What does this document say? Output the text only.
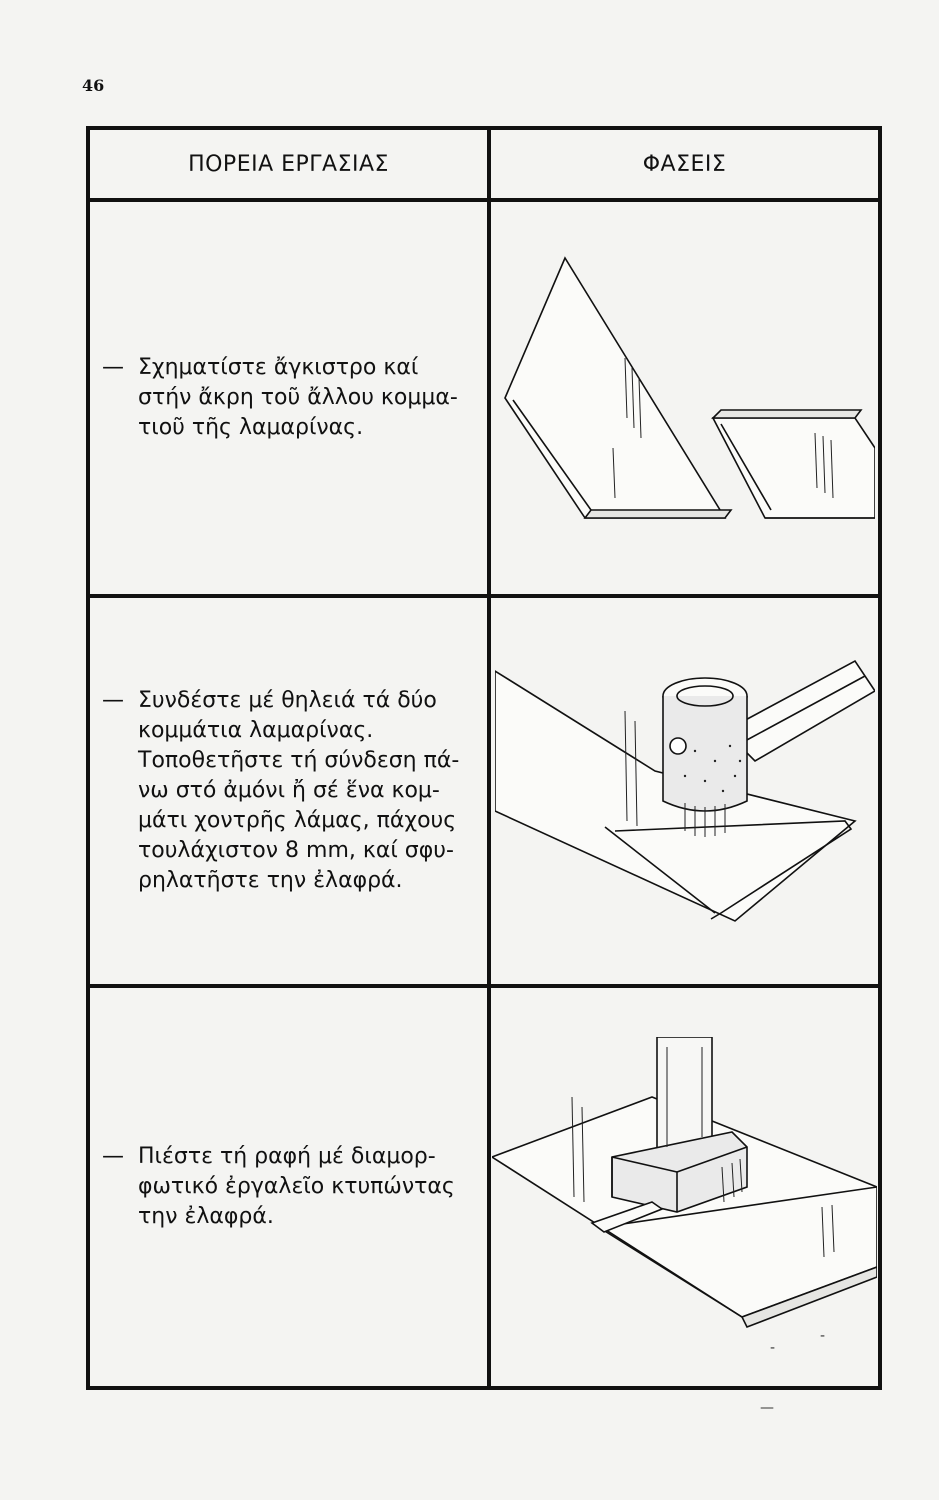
46
ΠΟΡΕΙΑ ΕΡΓΑΣΙΑΣ	ΦΑΣΕΙΣ
— Σχηματίστε ἄγκιστρο καί
στήν ἄκρη τοῦ ἄλλου κομμα-
τιοῦ τῆς λαμαρίνας.
— Συνδέστε μέ θηλειά τά δύο
κομμάτια λαμαρίνας.
Τοποθετῆστε τή σύνδεση πά-
νω στό ἀμόνι ἤ σέ ἕνα κομ-
μάτι χοντρῆς λάμας, πάχους
τουλάχιστον 8 mm, καί σφυ-
ρηλατῆστε την ἐλαφρά.
— Πιέστε τή ραφή μέ διαμορ-
φωτικό ἐργαλεῖο κτυπώντας
την ἐλαφρά.
‐
-
—
